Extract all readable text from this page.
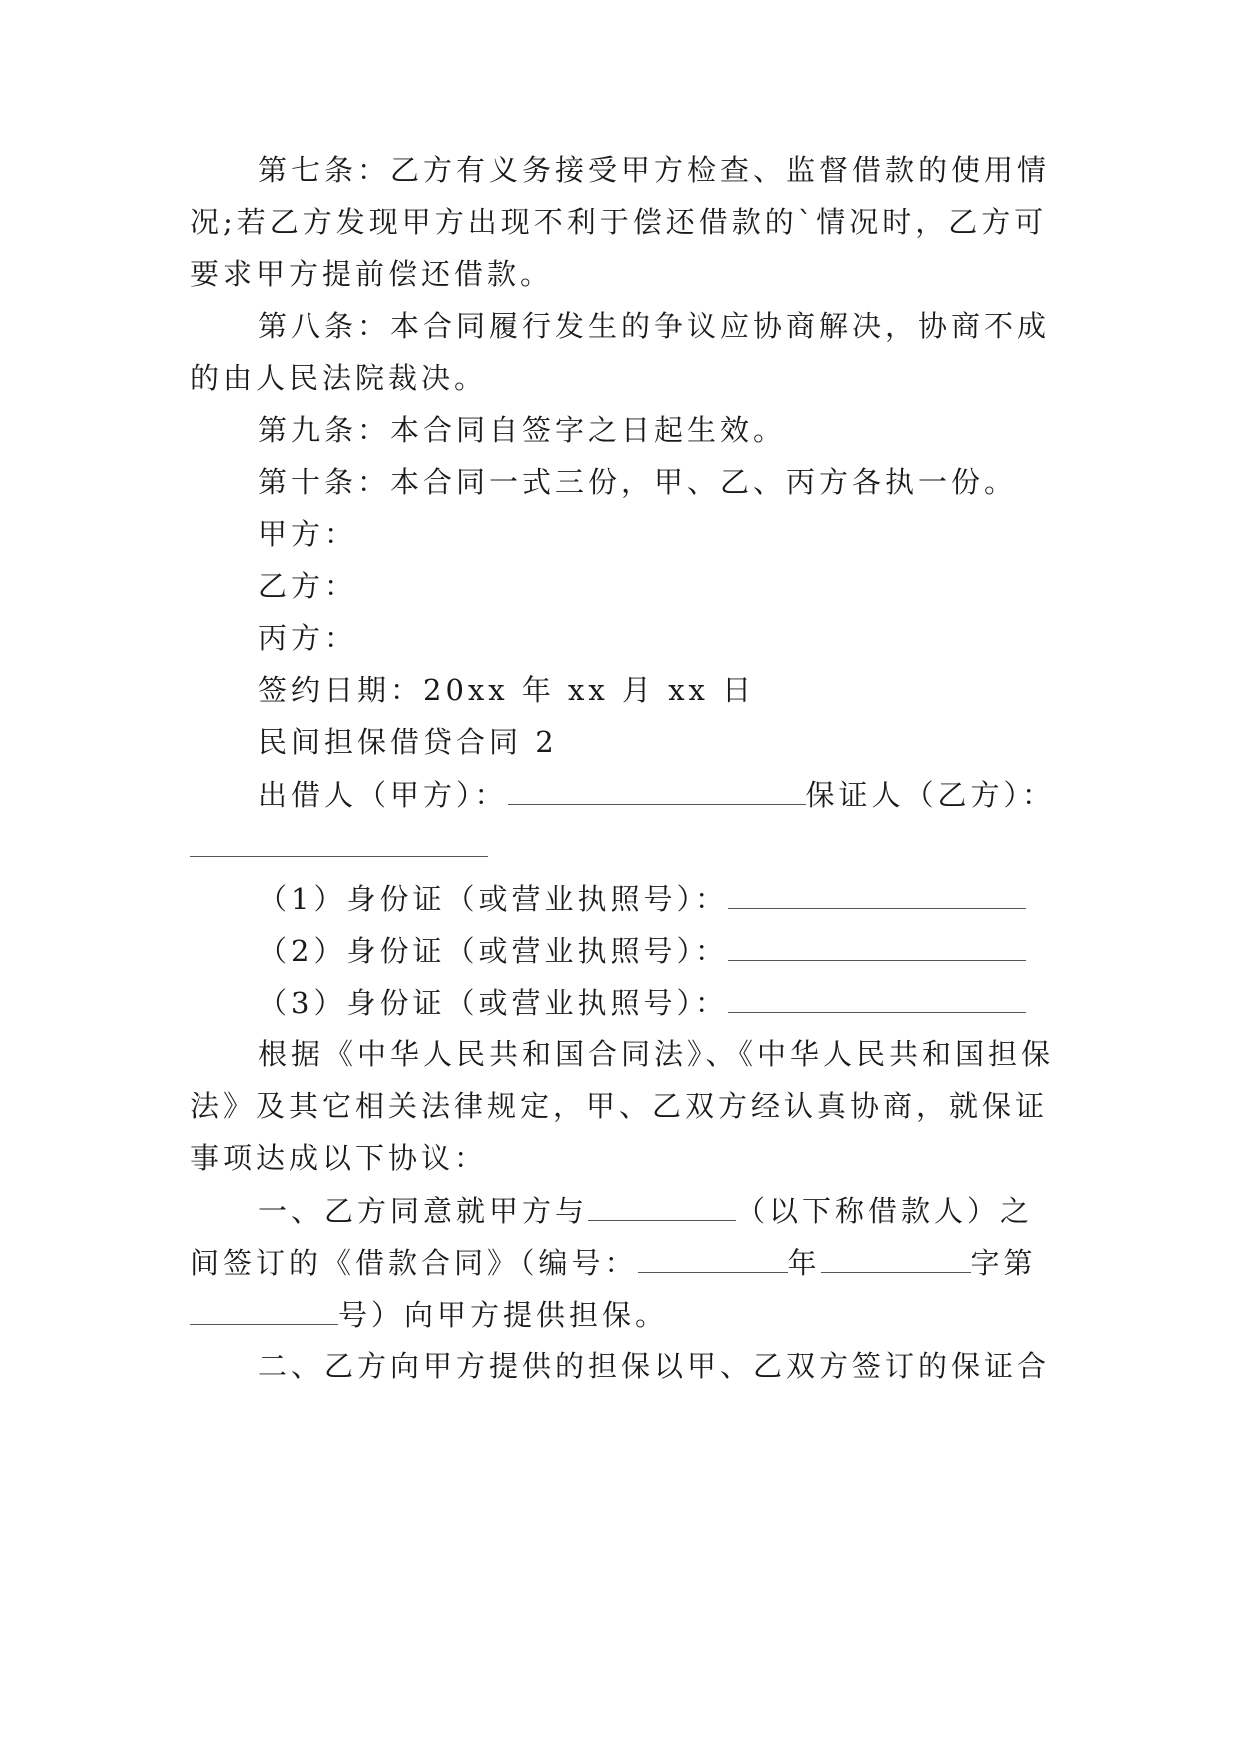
第七条：乙方有义务接受甲方检查、监督借款的使用情
况;若乙方发现甲方出现不利于偿还借款的`情况时，乙方可
要求甲方提前偿还借款。
第八条：本合同履行发生的争议应协商解决，协商不成
的由人民法院裁决。
第九条：本合同自签字之日起生效。
第十条：本合同一式三份，甲、乙、丙方各执一份。
甲方：
乙方：
丙方：
签约日期：20xx 年 xx 月 xx 日
民间担保借贷合同 2
出借人（甲方）：	保证人（乙方）：
（1）身份证（或营业执照号）：
（2）身份证（或营业执照号）：
（3）身份证（或营业执照号）：
根据《中华人民共和国合同法》、《中华人民共和国担保
法》及其它相关法律规定，甲、乙双方经认真协商，就保证
事项达成以下协议：
一、乙方同意就甲方与	（以下称借款人）之
间签订的《借款合同》（编号：	年	字第
号）向甲方提供担保。
二、乙方向甲方提供的担保以甲、乙双方签订的保证合
